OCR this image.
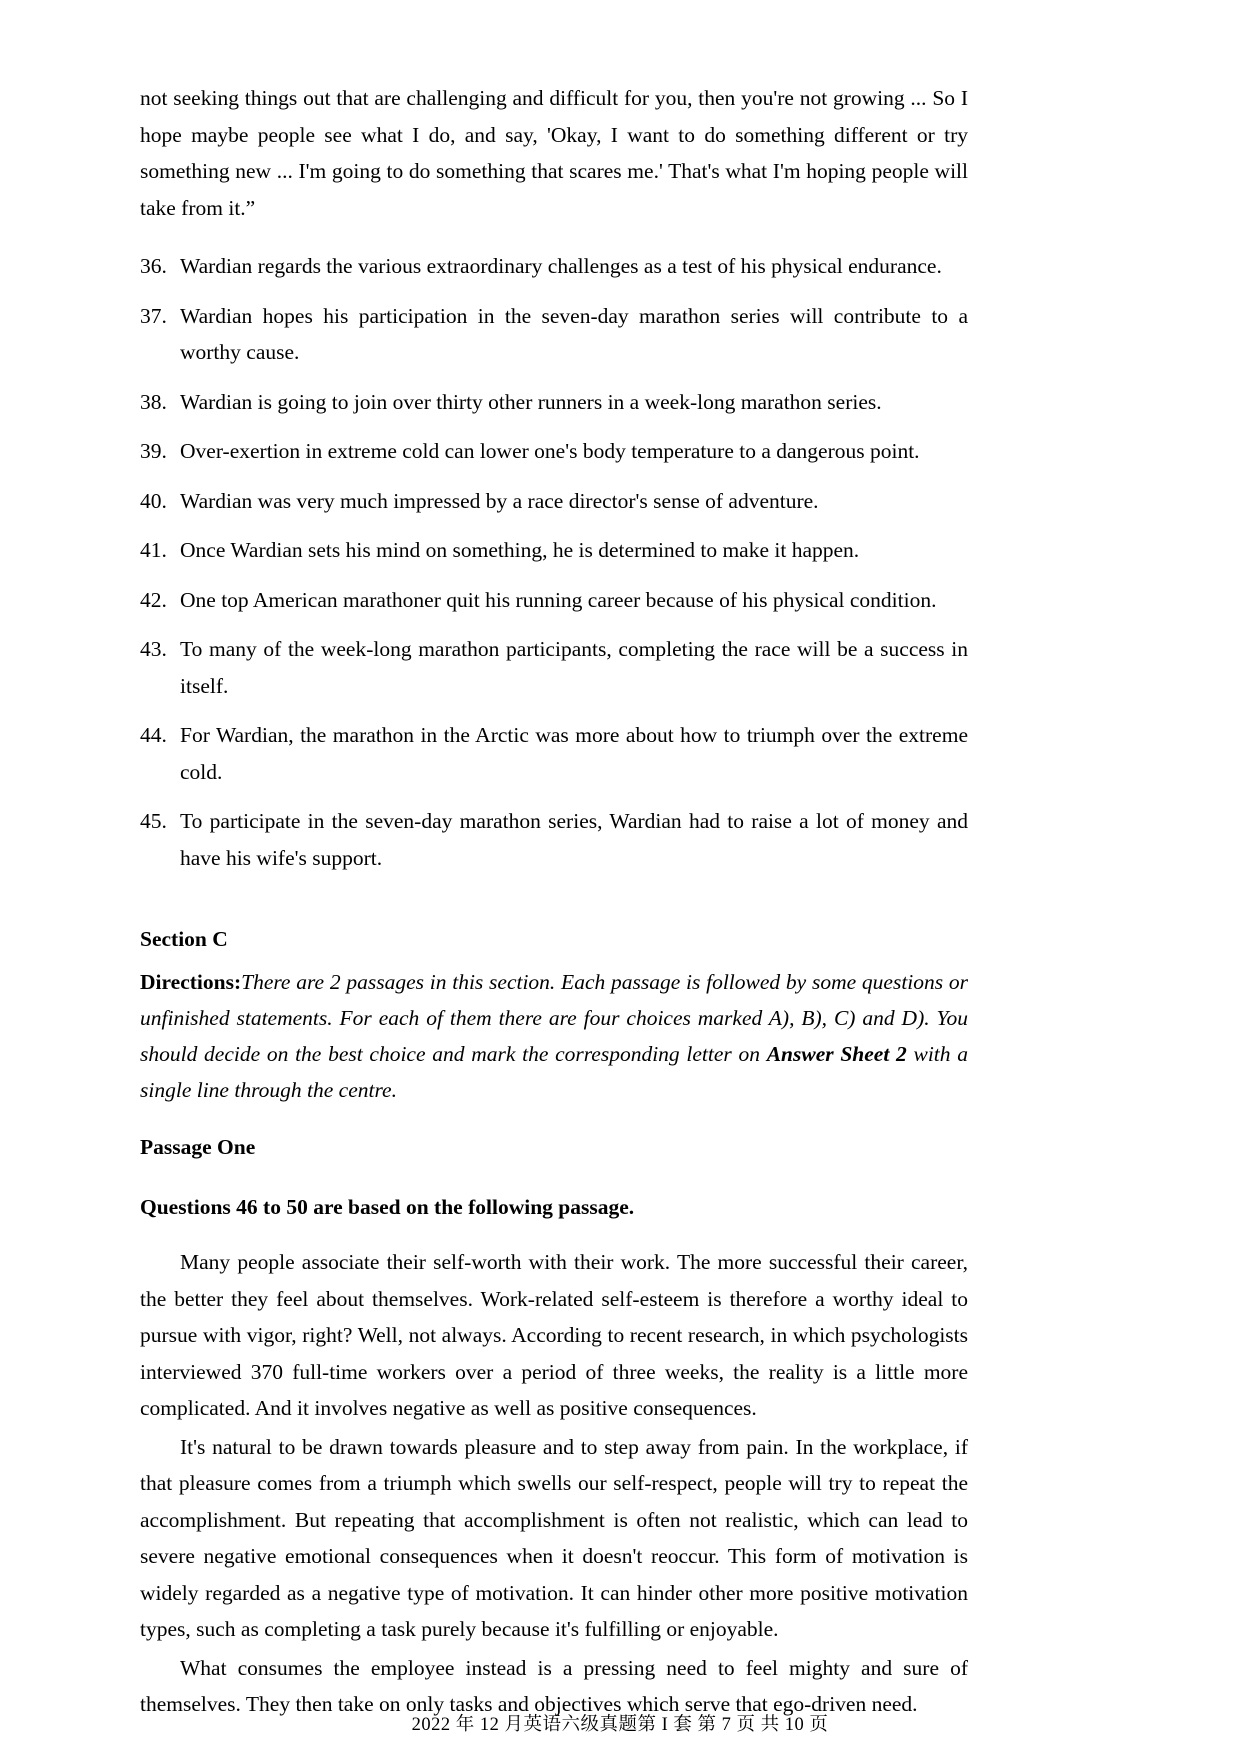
not seeking things out that are challenging and difficult for you, then you're not growing ... So I hope maybe people see what I do, and say, 'Okay, I want to do something different or try something new ... I'm going to do something that scares me.' That's what I'm hoping people will take from it.”

36. Wardian regards the various extraordinary challenges as a test of his physical endurance.
37. Wardian hopes his participation in the seven-day marathon series will contribute to a worthy cause.
38. Wardian is going to join over thirty other runners in a week-long marathon series.
39. Over-exertion in extreme cold can lower one's body temperature to a dangerous point.
40. Wardian was very much impressed by a race director's sense of adventure.
41. Once Wardian sets his mind on something, he is determined to make it happen.
42. One top American marathoner quit his running career because of his physical condition.
43. To many of the week-long marathon participants, completing the race will be a success in itself.
44. For Wardian, the marathon in the Arctic was more about how to triumph over the extreme cold.
45. To participate in the seven-day marathon series, Wardian had to raise a lot of money and have his wife's support.
Section C
Directions:There are 2 passages in this section. Each passage is followed by some questions or unfinished statements. For each of them there are four choices marked A), B), C) and D). You should decide on the best choice and mark the corresponding letter on Answer Sheet 2 with a single line through the centre.
Passage One
Questions 46 to 50 are based on the following passage.

Many people associate their self-worth with their work. The more successful their career, the better they feel about themselves. Work-related self-esteem is therefore a worthy ideal to pursue with vigor, right? Well, not always. According to recent research, in which psychologists interviewed 370 full-time workers over a period of three weeks, the reality is a little more complicated. And it involves negative as well as positive consequences.

It's natural to be drawn towards pleasure and to step away from pain. In the workplace, if that pleasure comes from a triumph which swells our self-respect, people will try to repeat the accomplishment. But repeating that accomplishment is often not realistic, which can lead to severe negative emotional consequences when it doesn't reoccur. This form of motivation is widely regarded as a negative type of motivation. It can hinder other more positive motivation types, such as completing a task purely because it's fulfilling or enjoyable.

What consumes the employee instead is a pressing need to feel mighty and sure of themselves. They then take on only tasks and objectives which serve that ego-driven need.

2022 年 12 月英语六级真题第 I 套 第 7 页 共 10 页
